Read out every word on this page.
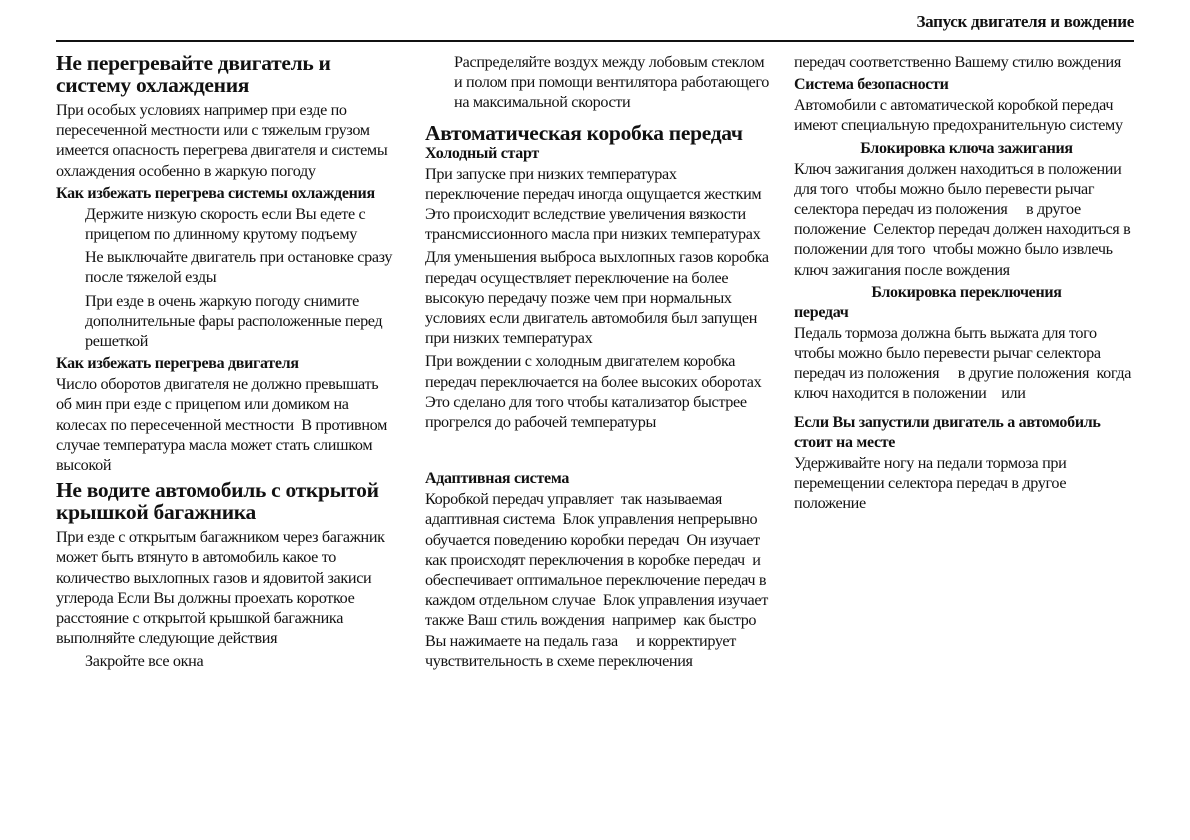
Запуск двигателя и вождение
Не перегревайте двигатель и систему охлаждения
При особых условиях например при езде по пересеченной местности или с тяжелым грузом имеется опасность перегрева двигателя и системы охлаждения особенно в жаркую погоду
Как избежать перегрева системы охлаждения
Держите низкую скорость если Вы едете с прицепом по длинному крутому подъему
Не выключайте двигатель при остановке сразу после тяжелой езды
При езде в очень жаркую погоду снимите дополнительные фары расположенные перед решеткой
Как избежать перегрева двигателя
Число оборотов двигателя не должно превышать          об мин при езде с прицепом или домиком на колесах по пересеченной местности  В противном случае температура масла может стать слишком высокой
Не водите автомобиль с открытой крышкой багажника
При езде с открытым багажником через багажник может быть втянуто в автомобиль какое то количество выхлопных газов и ядовитой закиси углерода Если Вы должны проехать короткое расстояние с открытой крышкой багажника выполняйте следующие действия
Закройте все окна
Распределяйте воздух между лобовым стеклом и полом при помощи вентилятора работающего на максимальной скорости
Автоматическая коробка передач
Холодный старт
При запуске при низких температурах переключение передач иногда ощущается жестким Это происходит вследствие увеличения вязкости трансмиссионного масла при низких температурах
Для уменьшения выброса выхлопных газов коробка передач осуществляет переключение на более высокую передачу позже чем при нормальных условиях если двигатель автомобиля был запущен при низких температурах
При вождении с холодным двигателем коробка передач переключается на более высоких оборотах Это сделано для того чтобы катализатор быстрее прогрелся до рабочей температуры
Адаптивная система
Коробкой передач управляет  так называемая  адаптивная система  Блок управления непрерывно   обучается поведению коробки передач  Он изучает как происходят переключения в коробке передач  и обеспечивает оптимальное переключение передач в каждом отдельном случае  Блок управления изучает также Ваш стиль вождения  например  как быстро Вы нажимаете на педаль газа     и корректирует чувствительность в схеме переключения
передач соответственно Вашему стилю вождения
Система безопасности
Автомобили с автоматической коробкой передач имеют специальную предохранительную систему
Блокировка ключа зажигания
Ключ зажигания должен находиться в положении    для того  чтобы можно было перевести рычаг селектора передач из положения     в другое положение  Селектор передач должен находиться в положении для того  чтобы можно было извлечь ключ зажигания после вождения
Блокировка переключения
передач
Педаль тормоза должна быть выжата для того  чтобы можно было перевести рычаг селектора передач из положения     в другие положения  когда ключ находится в положении    или
Если Вы запустили двигатель а автомобиль стоит на месте
Удерживайте ногу на педали тормоза при перемещении селектора передач в другое положение
